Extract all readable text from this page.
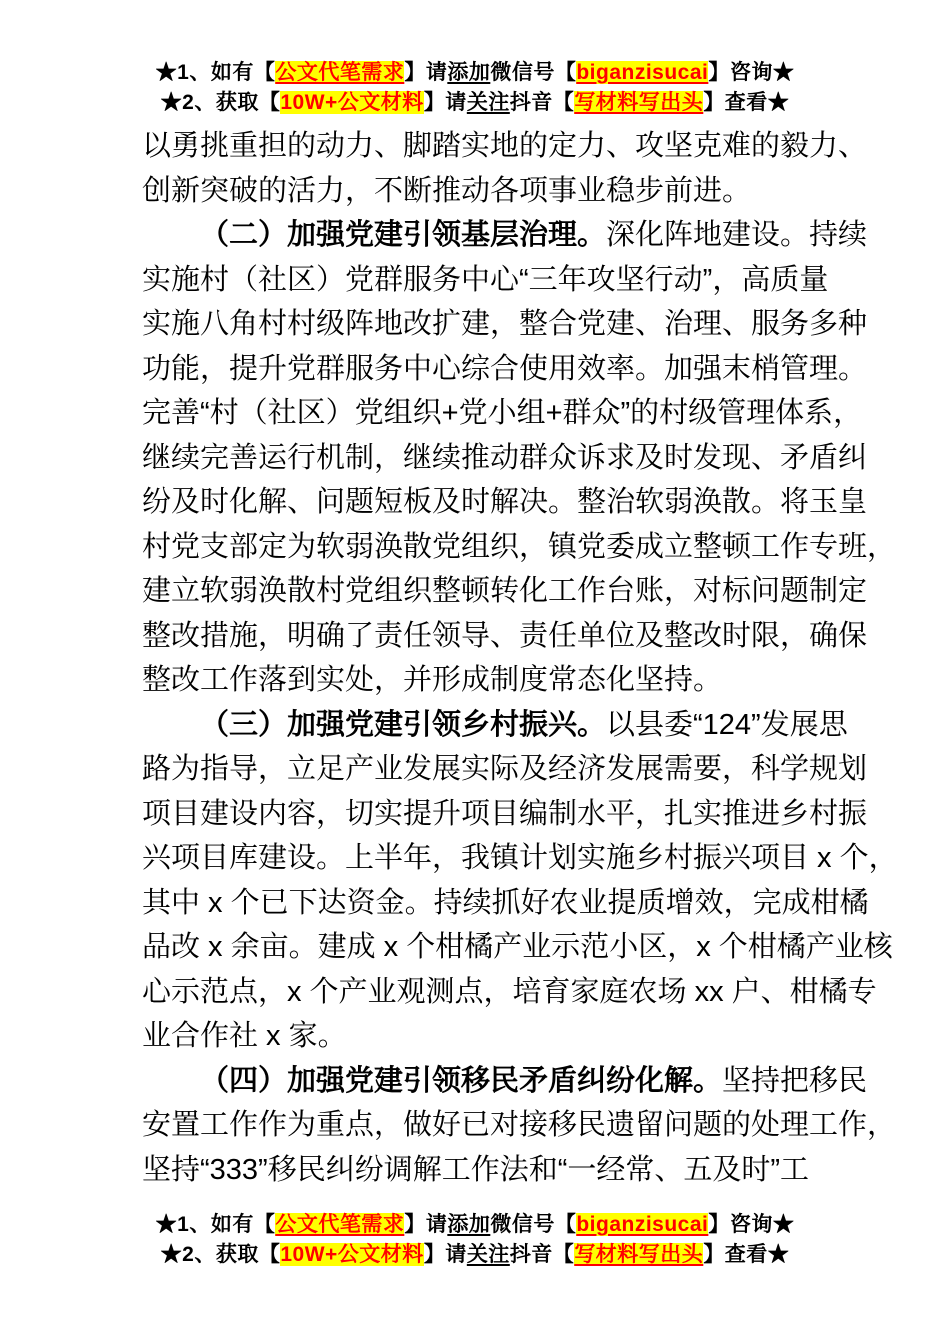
★1、如有【公文代笔需求】请添加微信号【biganzisucai】咨询★
★2、获取【10W+公文材料】请关注抖音【写材料写出头】查看★
以勇挑重担的动力、脚踏实地的定力、攻坚克难的毅力、
创新突破的活力，不断推动各项事业稳步前进。
（二）加强党建引领基层治理。深化阵地建设。持续
实施村（社区）党群服务中心“三年攻坚行动”，高质量
实施八角村村级阵地改扩建，整合党建、治理、服务多种
功能，提升党群服务中心综合使用效率。加强末梢管理。
完善“村（社区）党组织+党小组+群众”的村级管理体系，
继续完善运行机制，继续推动群众诉求及时发现、矛盾纠
纷及时化解、问题短板及时解决。整治软弱涣散。将玉皇
村党支部定为软弱涣散党组织，镇党委成立整顿工作专班，
建立软弱涣散村党组织整顿转化工作台账，对标问题制定
整改措施，明确了责任领导、责任单位及整改时限，确保
整改工作落到实处，并形成制度常态化坚持。
（三）加强党建引领乡村振兴。以县委“124”发展思
路为指导，立足产业发展实际及经济发展需要，科学规划
项目建设内容，切实提升项目编制水平，扎实推进乡村振
兴项目库建设。上半年，我镇计划实施乡村振兴项目 x 个，
其中 x 个已下达资金。持续抓好农业提质增效，完成柑橘
品改 x 余亩。建成 x 个柑橘产业示范小区，x 个柑橘产业核
心示范点，x 个产业观测点，培育家庭农场 xx 户、柑橘专
业合作社 x 家。
（四）加强党建引领移民矛盾纠纷化解。坚持把移民
安置工作作为重点，做好已对接移民遗留问题的处理工作，
坚持“333”移民纠纷调解工作法和“一经常、五及时”工
★1、如有【公文代笔需求】请添加微信号【biganzisucai】咨询★
★2、获取【10W+公文材料】请关注抖音【写材料写出头】查看★
